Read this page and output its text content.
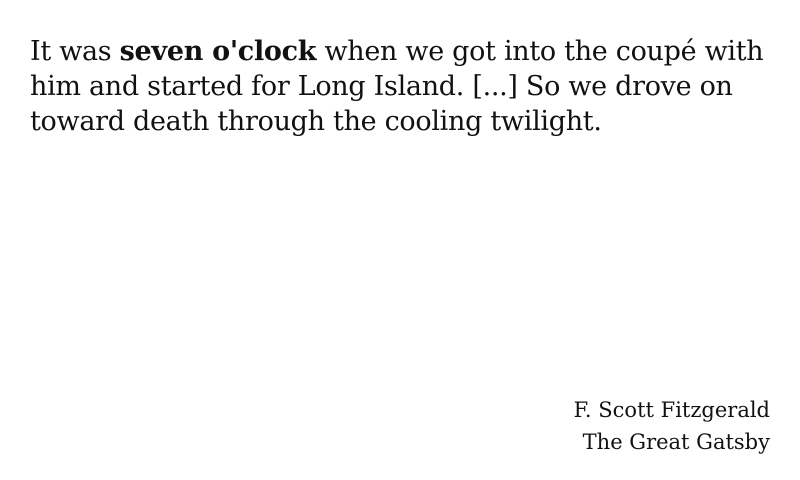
It was seven o'clock when we got into the coupé with him and started for Long Island. [...] So we drove on toward death through the cooling twilight.

F. Scott Fitzgerald
The Great Gatsby
